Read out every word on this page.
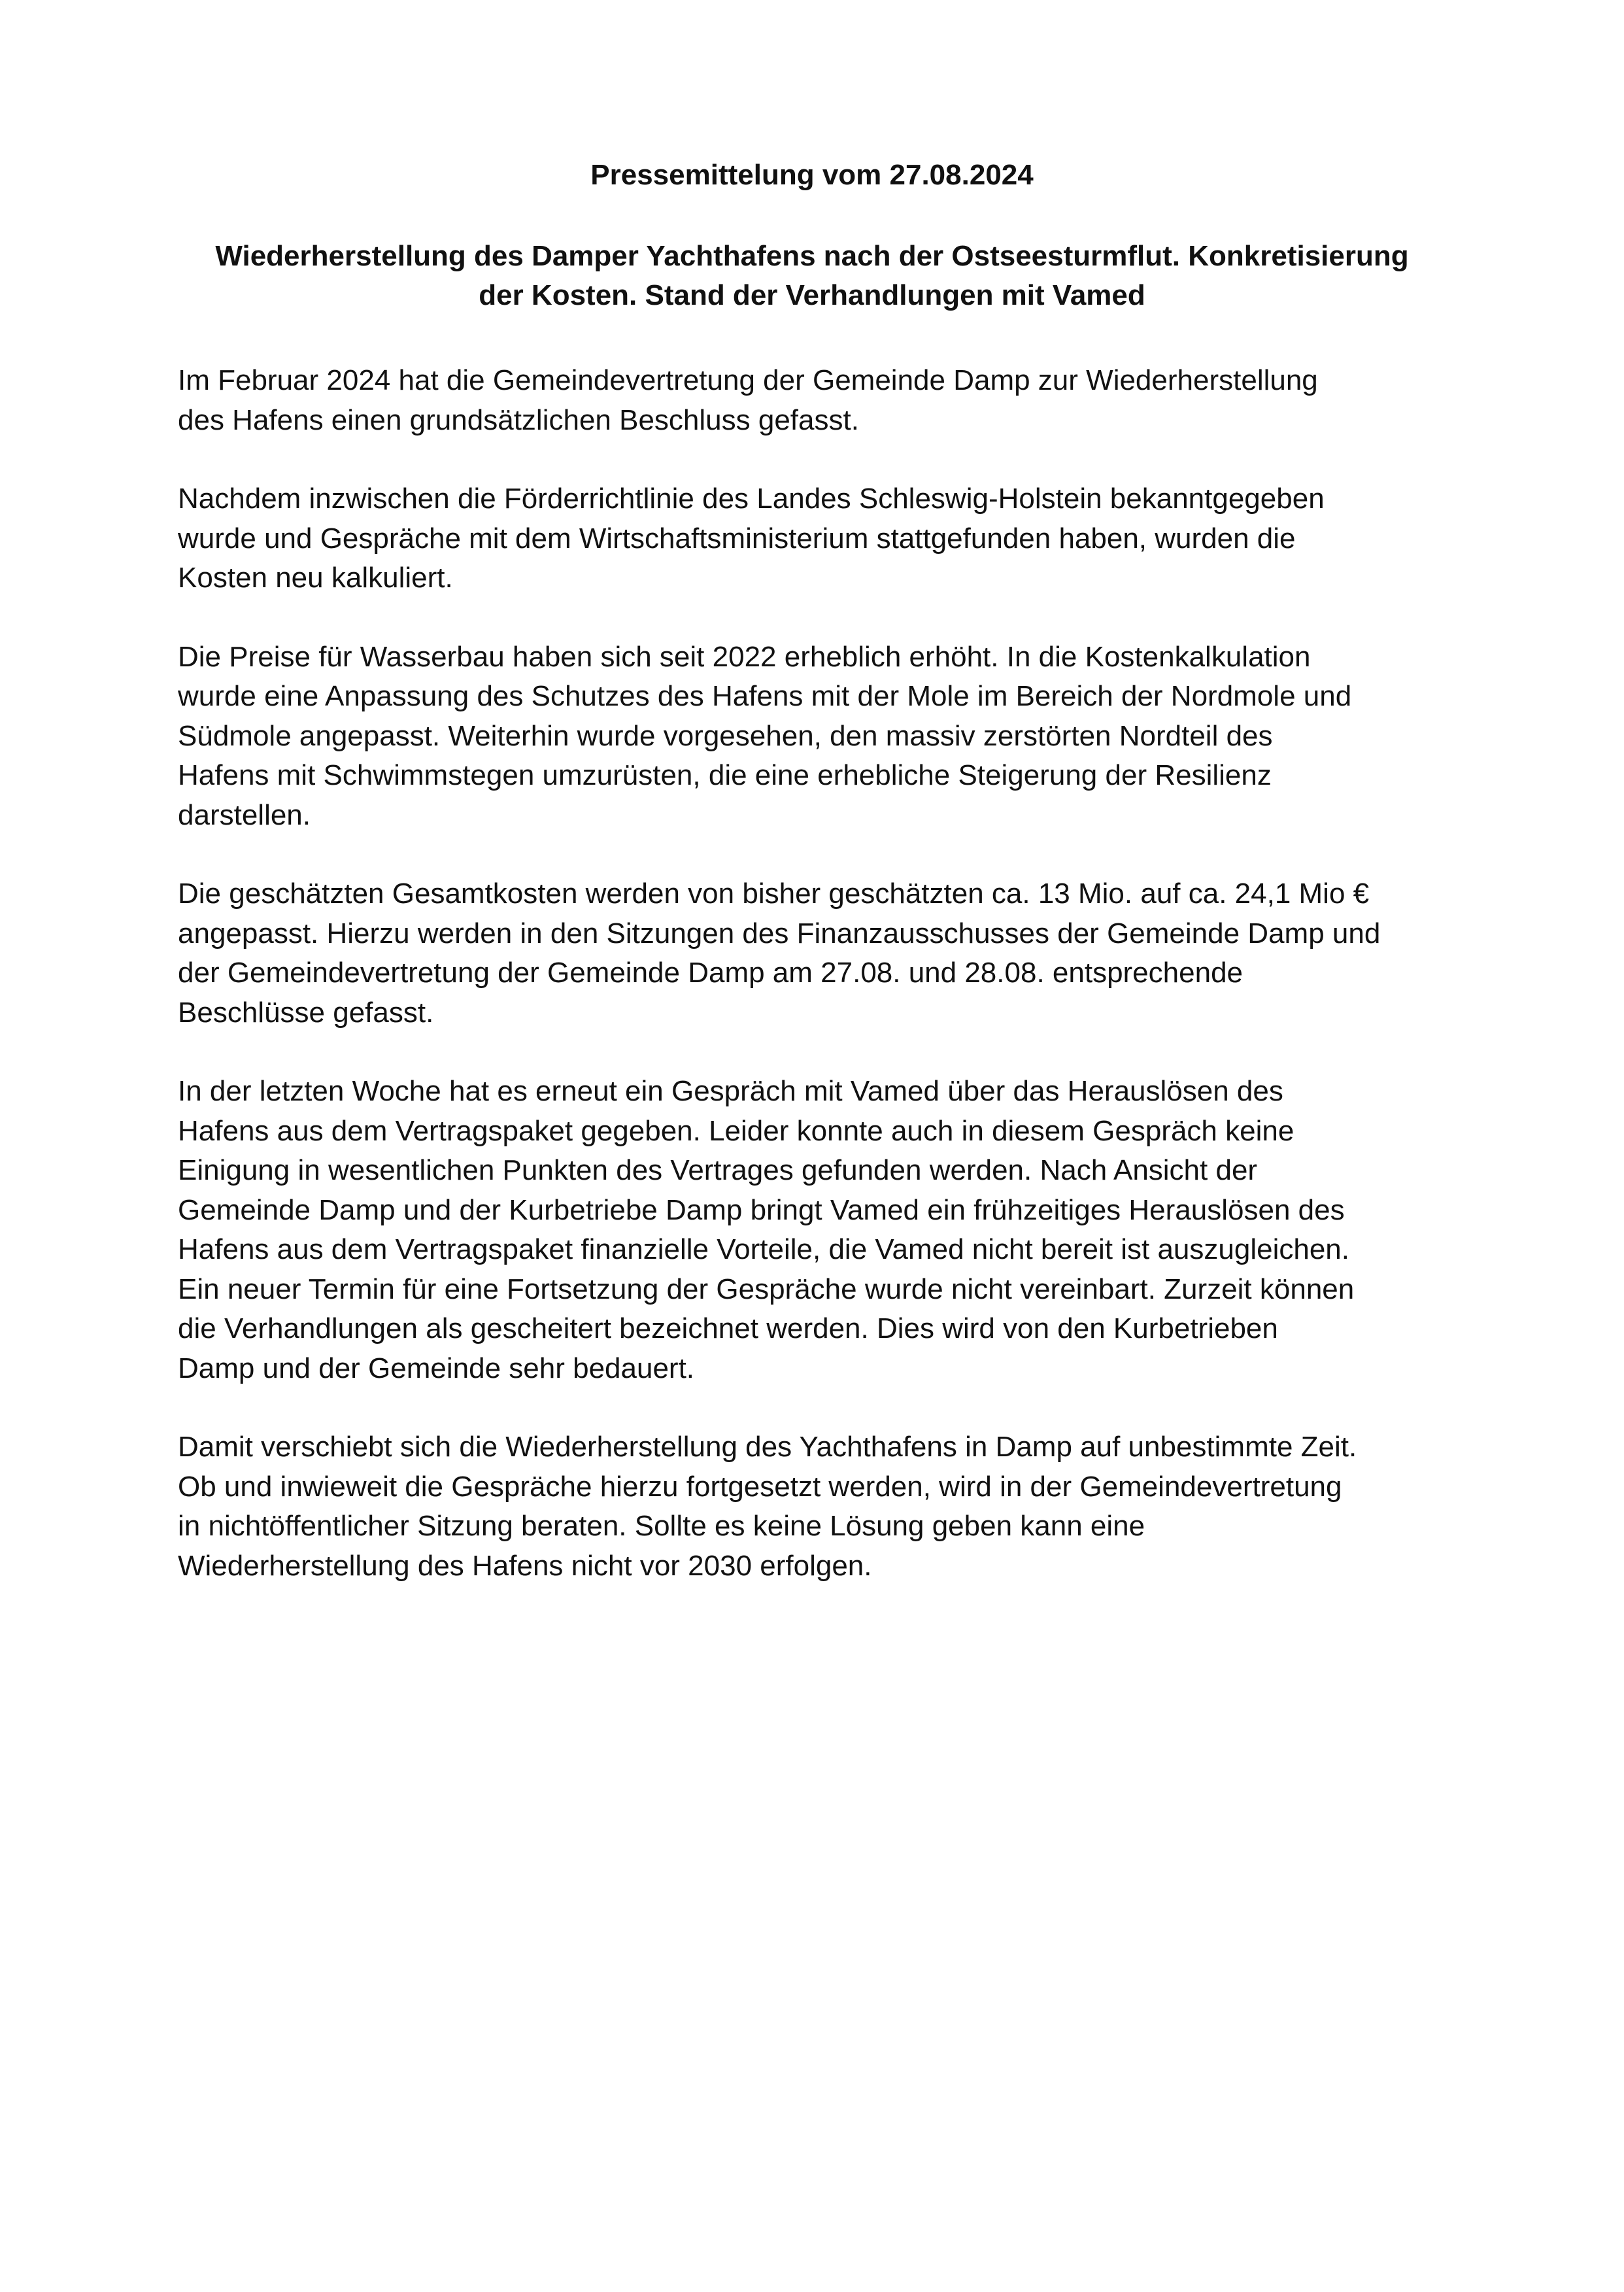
Pressemittelung vom 27.08.2024
Wiederherstellung des Damper Yachthafens nach der Ostseesturmflut. Konkretisierung
der Kosten. Stand der Verhandlungen mit Vamed

Im Februar 2024 hat die Gemeindevertretung der Gemeinde Damp zur Wiederherstellung
des Hafens einen grundsätzlichen Beschluss gefasst.

Nachdem inzwischen die Förderrichtlinie des Landes Schleswig-Holstein bekanntgegeben
wurde und Gespräche mit dem Wirtschaftsministerium stattgefunden haben, wurden die
Kosten neu kalkuliert.

Die Preise für Wasserbau haben sich seit 2022 erheblich erhöht. In die Kostenkalkulation
wurde eine Anpassung des Schutzes des Hafens mit der Mole im Bereich der Nordmole und
Südmole angepasst. Weiterhin wurde vorgesehen, den massiv zerstörten Nordteil des
Hafens mit Schwimmstegen umzurüsten, die eine erhebliche Steigerung der Resilienz
darstellen.

Die geschätzten Gesamtkosten werden von bisher geschätzten ca. 13 Mio. auf ca. 24,1 Mio €
angepasst. Hierzu werden in den Sitzungen des Finanzausschusses der Gemeinde Damp und
der Gemeindevertretung der Gemeinde Damp am 27.08. und 28.08. entsprechende
Beschlüsse gefasst.

In der letzten Woche hat es erneut ein Gespräch mit Vamed über das Herauslösen des
Hafens aus dem Vertragspaket gegeben. Leider konnte auch in diesem Gespräch keine
Einigung in wesentlichen Punkten des Vertrages gefunden werden. Nach Ansicht der
Gemeinde Damp und der Kurbetriebe Damp bringt Vamed ein frühzeitiges Herauslösen des
Hafens aus dem Vertragspaket finanzielle Vorteile, die Vamed nicht bereit ist auszugleichen.
Ein neuer Termin für eine Fortsetzung der Gespräche wurde nicht vereinbart. Zurzeit können
die Verhandlungen als gescheitert bezeichnet werden. Dies wird von den Kurbetrieben
Damp und der Gemeinde sehr bedauert.

Damit verschiebt sich die Wiederherstellung des Yachthafens in Damp auf unbestimmte Zeit.
Ob und inwieweit die Gespräche hierzu fortgesetzt werden, wird in der Gemeindevertretung
in nichtöffentlicher Sitzung beraten. Sollte es keine Lösung geben kann eine
Wiederherstellung des Hafens nicht vor 2030 erfolgen.
